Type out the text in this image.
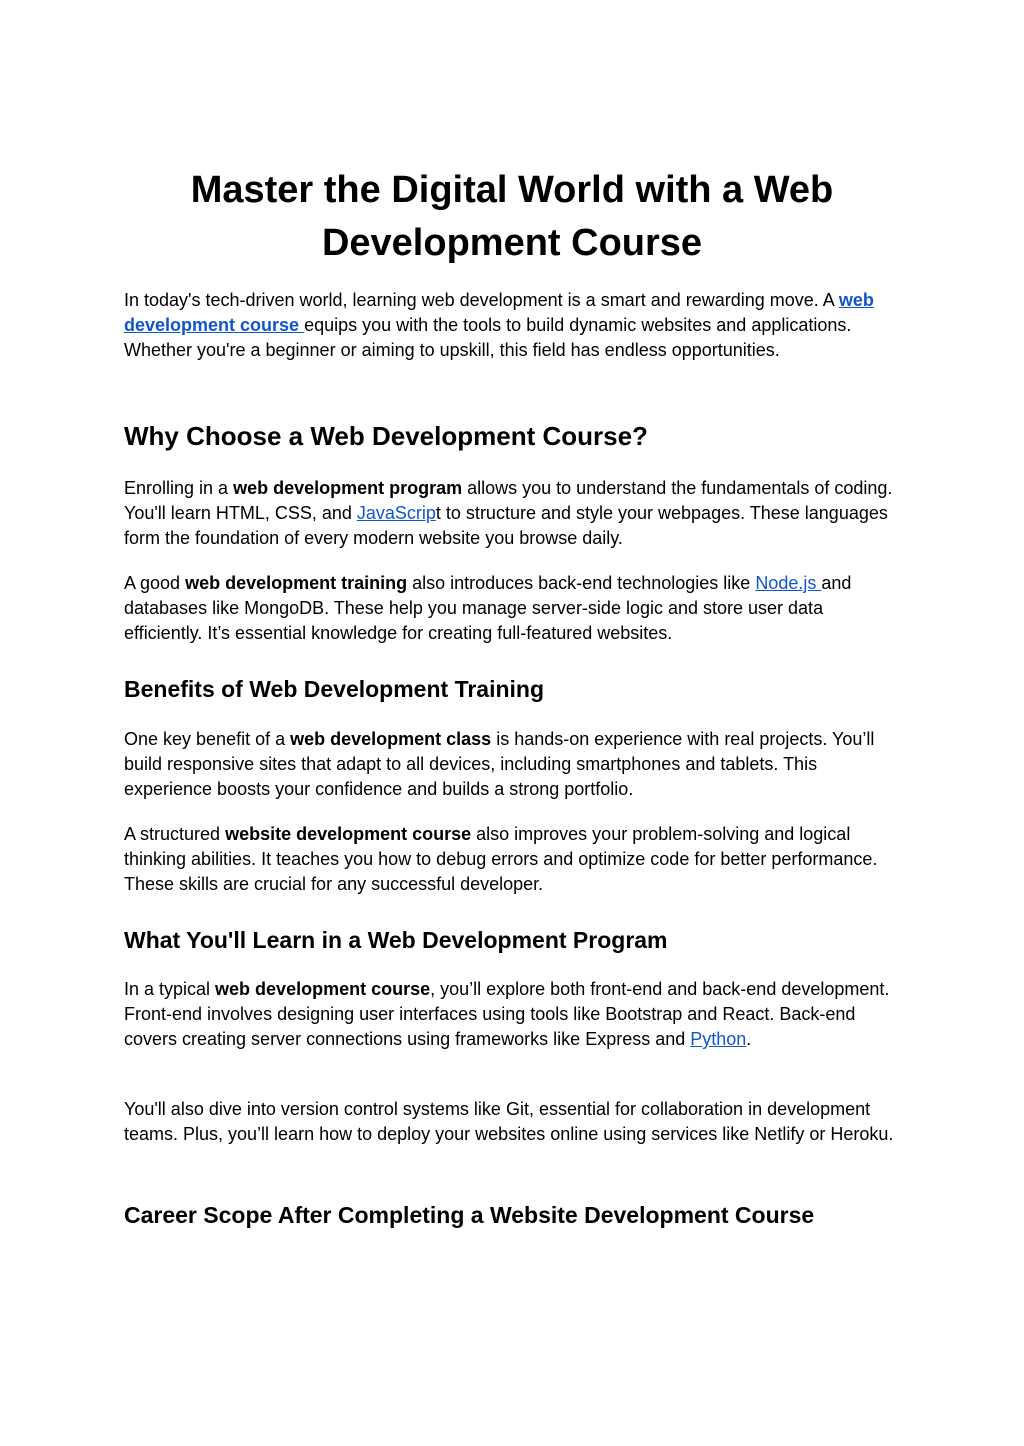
Master the Digital World with a Web
Development Course

In today's tech-driven world, learning web development is a smart and rewarding move. A web development course equips you with the tools to build dynamic websites and applications. Whether you're a beginner or aiming to upskill, this field has endless opportunities.

Why Choose a Web Development Course?

Enrolling in a web development program allows you to understand the fundamentals of coding. You'll learn HTML, CSS, and JavaScript to structure and style your webpages. These languages form the foundation of every modern website you browse daily.

A good web development training also introduces back-end technologies like Node.js and databases like MongoDB. These help you manage server-side logic and store user data efficiently. It’s essential knowledge for creating full-featured websites.

Benefits of Web Development Training

One key benefit of a web development class is hands-on experience with real projects. You’ll build responsive sites that adapt to all devices, including smartphones and tablets. This experience boosts your confidence and builds a strong portfolio.

A structured website development course also improves your problem-solving and logical thinking abilities. It teaches you how to debug errors and optimize code for better performance. These skills are crucial for any successful developer.

What You'll Learn in a Web Development Program

In a typical web development course, you’ll explore both front-end and back-end development. Front-end involves designing user interfaces using tools like Bootstrap and React. Back-end covers creating server connections using frameworks like Express and Python.

You'll also dive into version control systems like Git, essential for collaboration in development teams. Plus, you’ll learn how to deploy your websites online using services like Netlify or Heroku.

Career Scope After Completing a Website Development Course
